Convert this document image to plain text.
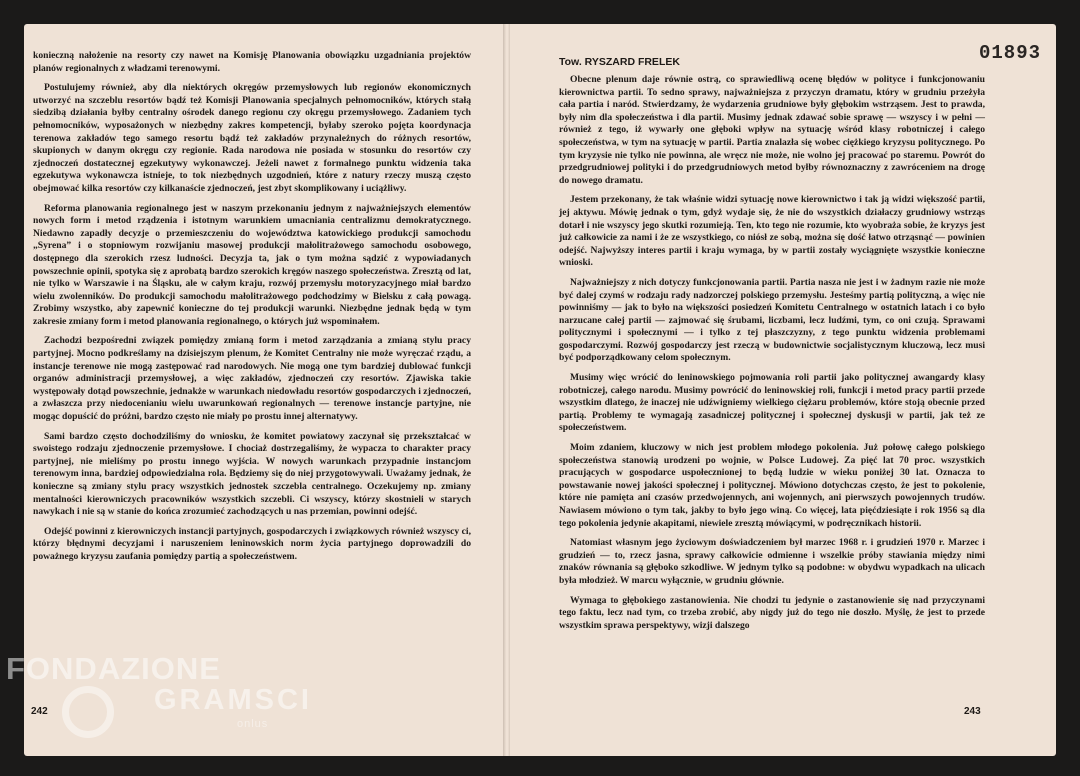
konieczną nałożenie na resorty czy nawet na Komisję Planowania obowiązku uzgadniania projektów planów regionalnych z władzami terenowymi.

Postulujemy również, aby dla niektórych okręgów przemysłowych lub regionów ekonomicznych utworzyć na szczeblu resortów bądź też Komisji Planowania specjalnych pełnomocników, których stałą siedzibą działania byłby centralny ośrodek danego regionu czy okręgu przemysłowego. Zadaniem tych pełnomocników, wyposażonych w niezbędny zakres kompetencji, byłaby szeroko pojęta koordynacja terenowa zakładów tego samego resortu bądź też zakładów przynależnych do różnych resortów, skupionych w danym okręgu czy regionie. Rada narodowa nie posiada w stosunku do resortów czy zjednoczeń dostatecznej egzekutywy wykonawczej. Jeżeli nawet z formalnego punktu widzenia taka egzekutywa wykonawcza istnieje, to tok niezbędnych uzgodnień, które z natury rzeczy muszą często obejmować kilka resortów czy kilkanaście zjednoczeń, jest zbyt skomplikowany i uciążliwy.

Reforma planowania regionalnego jest w naszym przekonaniu jednym z najważniejszych elementów nowych form i metod rządzenia i istotnym warunkiem umacniania centralizmu demokratycznego. Niedawno zapadły decyzje o przemieszczeniu do województwa katowickiego produkcji samochodu „Syrena” i o stopniowym rozwijaniu masowej produkcji małolitrażowego samochodu osobowego, dostępnego dla szerokich rzesz ludności. Decyzja ta, jak o tym można sądzić z wypowiadanych powszechnie opinii, spotyka się z aprobatą bardzo szerokich kręgów naszego społeczeństwa. Zresztą od lat, nie tylko w Warszawie i na Śląsku, ale w całym kraju, rozwój przemysłu motoryzacyjnego miał bardzo wielu zwolenników. Do produkcji samochodu małolitrażowego podchodzimy w Bielsku z całą powagą. Zrobimy wszystko, aby zapewnić konieczne do tej produkcji warunki. Niezbędne jednak będą w tym zakresie zmiany form i metod planowania regionalnego, o których już wspominałem.

Zachodzi bezpośredni związek pomiędzy zmianą form i metod zarządzania a zmianą stylu pracy partyjnej. Mocno podkreślamy na dzisiejszym plenum, że Komitet Centralny nie może wyręczać rządu, a instancje terenowe nie mogą zastępować rad narodowych. Nie mogą one tym bardziej dublować funkcji organów administracji przemysłowej, a więc zakładów, zjednoczeń czy resortów. Zjawiska takie występowały dotąd powszechnie, jednakże w warunkach niedowładu resortów gospodarczych i zjednoczeń, a zwłaszcza przy niedocenianiu wielu uwarunkowań regionalnych — terenowe instancje partyjne, nie mogąc dopuścić do próżni, bardzo często nie miały po prostu innej alternatywy.

Sami bardzo często dochodziliśmy do wniosku, że komitet powiatowy zaczynał się przekształcać w swoistego rodzaju zjednoczenie przemysłowe. I chociaż dostrzegaliśmy, że wypacza to charakter pracy partyjnej, nie mieliśmy po prostu innego wyjścia. W nowych warunkach przypadnie instancjom terenowym inna, bardziej odpowiedzialna rola. Będziemy się do niej przygotowywali. Uważamy jednak, że konieczne są zmiany stylu pracy wszystkich jednostek szczebla centralnego. Oczekujemy np. zmiany mentalności kierowniczych pracowników wszystkich szczebli. Ci wszyscy, którzy skostnieli w starych nawykach i nie są w stanie do końca zrozumieć zachodzących u nas przemian, powinni odejść.

Odejść powinni z kierowniczych instancji partyjnych, gospodarczych i związkowych również wszyscy ci, którzy błędnymi decyzjami i naruszeniem leninowskich norm życia partyjnego doprowadzili do poważnego kryzysu zaufania pomiędzy partią a społeczeństwem.

242
Tow. RYSZARD FRELEK	01893

Obecne plenum daje równie ostrą, co sprawiedliwą ocenę błędów w polityce i funkcjonowaniu kierownictwa partii. To sedno sprawy, najważniejsza z przyczyn dramatu, który w grudniu przeżyła cała partia i naród. Stwierdzamy, że wydarzenia grudniowe były głębokim wstrząsem. Jest to prawda, były nim dla społeczeństwa i dla partii. Musimy jednak zdawać sobie sprawę — wszyscy i w pełni — również z tego, iż wywarły one głęboki wpływ na sytuację wśród klasy robotniczej i całego społeczeństwa, w tym na sytuację w partii. Partia znalazła się wobec ciężkiego kryzysu politycznego. Po tym kryzysie nie tylko nie powinna, ale wręcz nie może, nie wolno jej pracować po staremu. Powrót do przedgrudniowej polityki i do przedgrudniowych metod byłby równoznaczny z zawróceniem na drogę do nowego dramatu.

Jestem przekonany, że tak właśnie widzi sytuację nowe kierownictwo i tak ją widzi większość partii, jej aktywu. Mówię jednak o tym, gdyż wydaje się, że nie do wszystkich działaczy grudniowy wstrząs dotarł i nie wszyscy jego skutki rozumieją. Ten, kto tego nie rozumie, kto wyobraża sobie, że kryzys jest już całkowicie za nami i że ze wszystkiego, co niósł ze sobą, można się dość łatwo otrząsnąć — powinien odejść. Najwyższy interes partii i kraju wymaga, by w partii zostały wyciągnięte wszystkie konieczne wnioski.

Najważniejszy z nich dotyczy funkcjonowania partii. Partia nasza nie jest i w żadnym razie nie może być dalej czymś w rodzaju rady nadzorczej polskiego przemysłu. Jesteśmy partią polityczną, a więc nie powinniśmy — jak to było na większości posiedzeń Komitetu Centralnego w ostatnich latach i co było narzucane całej partii — zajmować się śrubami, liczbami, lecz ludźmi, tym, co oni czują. Sprawami politycznymi i społecznymi — i tylko z tej płaszczyzny, z tego punktu widzenia problemami gospodarczymi. Rozwój gospodarczy jest rzeczą w budownictwie socjalistycznym kluczową, lecz musi być podporządkowany celom społecznym.

Musimy więc wrócić do leninowskiego pojmowania roli partii jako politycznej awangardy klasy robotniczej, całego narodu. Musimy powrócić do leninowskiej roli, funkcji i metod pracy partii przede wszystkim dlatego, że inaczej nie udźwigniemy wielkiego ciężaru problemów, które stoją obecnie przed partią. Problemy te wymagają zasadniczej politycznej i społecznej dyskusji w partii, jak też ze społeczeństwem.

Moim zdaniem, kluczowy w nich jest problem młodego pokolenia. Już połowę całego polskiego społeczeństwa stanowią urodzeni po wojnie, w Polsce Ludowej. Za pięć lat 70 proc. wszystkich pracujących w gospodarce uspołecznionej to będą ludzie w wieku poniżej 30 lat. Oznacza to powstawanie nowej jakości społecznej i politycznej. Mówiono dotychczas często, że jest to pokolenie, które nie pamięta ani czasów przedwojennych, ani wojennych, ani pierwszych powojennych trudów. Nawiasem mówiono o tym tak, jakby to było jego winą. Co więcej, lata pięćdziesiąte i rok 1956 są dla tego pokolenia jedynie akapitami, niewiele zresztą mówiącymi, w podręcznikach historii.

Natomiast własnym jego życiowym doświadczeniem był marzec 1968 r. i grudzień 1970 r. Marzec i grudzień — to, rzecz jasna, sprawy całkowicie odmienne i wszelkie próby stawiania między nimi znaków równania są głęboko szkodliwe. W jednym tylko są podobne: w obydwu wypadkach na ulicach była młodzież. W marcu wyłącznie, w grudniu głównie.

Wymaga to głębokiego zastanowienia. Nie chodzi tu jedynie o zastanowienie się nad przyczynami tego faktu, lecz nad tym, co trzeba zrobić, aby nigdy już do tego nie doszło. Myślę, że jest to przede wszystkim sprawa perspektywy, wizji dalszego

243
FONDAZIONE
GRAMSCI
onlus
